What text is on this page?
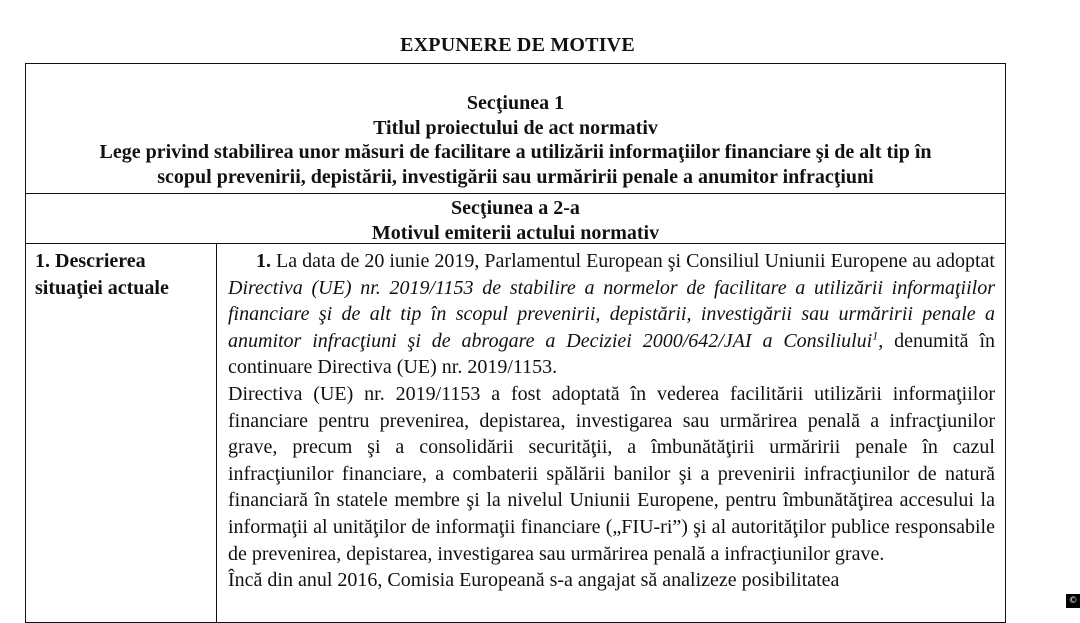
EXPUNERE DE MOTIVE
Secţiunea 1
Titlul proiectului de act normativ
Lege privind stabilirea unor măsuri de facilitare a utilizării informaţiilor financiare şi de alt tip în
scopul prevenirii, depistării, investigării sau urmăririi penale a anumitor infracţiuni
Secţiunea a 2-a
Motivul emiterii actului normativ
1. Descrierea
situaţiei actuale

1. La data de 20 iunie 2019, Parlamentul European şi Consiliul Uniunii Europene au adoptat Directiva (UE) nr. 2019/1153 de stabilire a normelor de facilitare a utilizării informaţiilor financiare şi de alt tip în scopul prevenirii, depistării, investigării sau urmăririi penale a anumitor infracţiuni şi de abrogare a Deciziei 2000/642/JAI a Consiliului$^1$, denumită în continuare Directiva (UE) nr. 2019/1153.

Directiva (UE) nr. 2019/1153 a fost adoptată în vederea facilitării utilizării informaţiilor financiare pentru prevenirea, depistarea, investigarea sau urmărirea penală a infracţiunilor grave, precum şi a consolidării securităţii, a îmbunătăţirii urmăririi penale în cazul infracţiunilor financiare, a combaterii spălării banilor şi a prevenirii infracţiunilor de natură financiară în statele membre şi la nivelul Uniunii Europene, pentru îmbunătăţirea accesului la informaţii al unităţilor de informaţii financiare („FIU-ri”) şi al autorităţilor publice responsabile de prevenirea, depistarea, investigarea sau urmărirea penală a infracţiunilor grave.

Încă din anul 2016, Comisia Europeană s-a angajat să analizeze posibilitatea

©
